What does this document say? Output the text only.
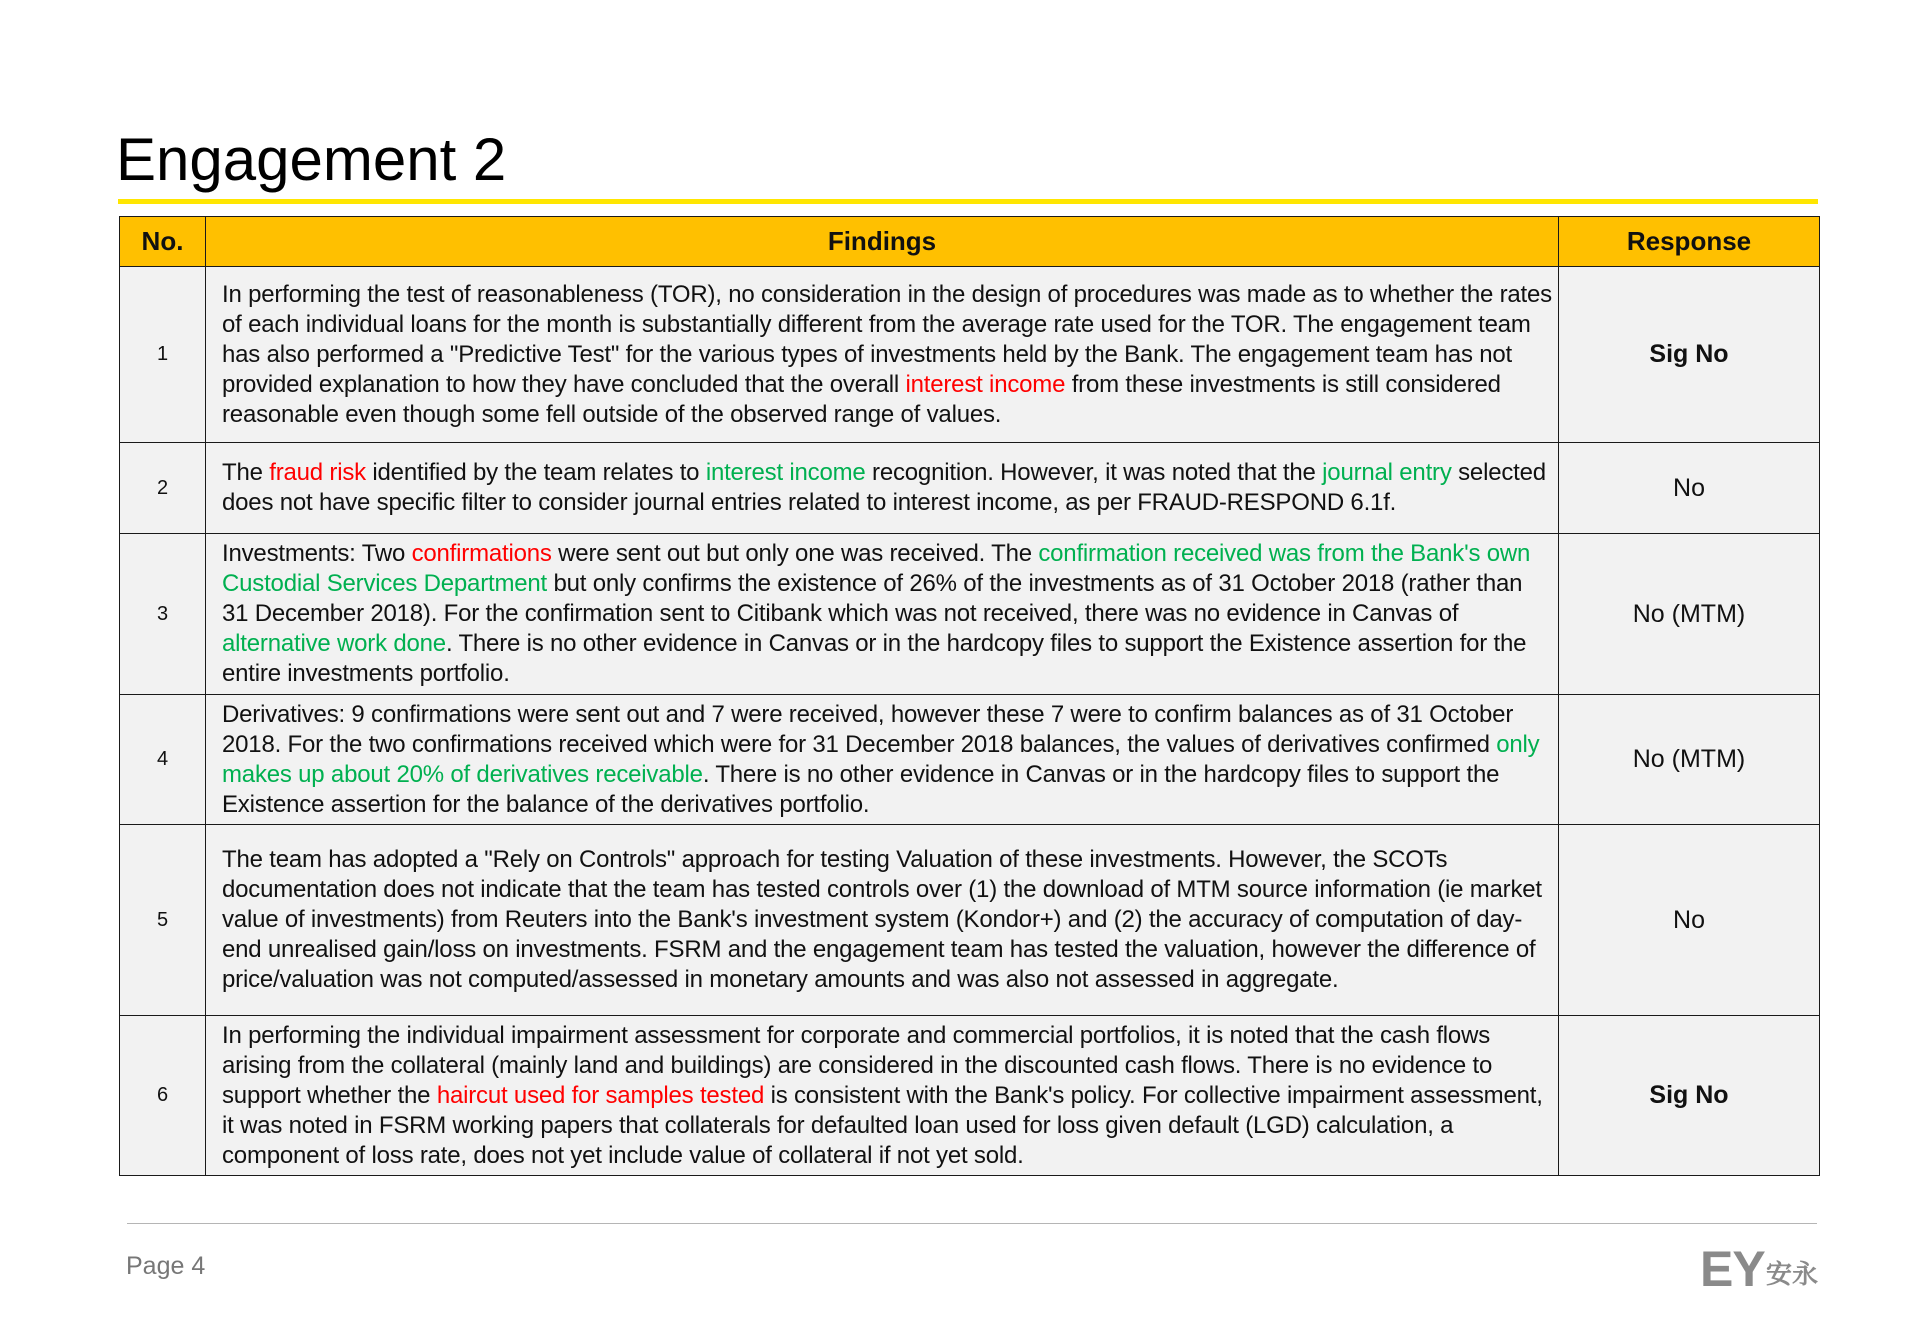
Engagement 2
No.	Findings	Response
1	In performing the test of reasonableness (TOR), no consideration in the design of procedures was made as to whether the rates of each individual loans for the month is substantially different from the average rate used for the TOR. The engagement team has also performed a "Predictive Test" for the various types of investments held by the Bank. The engagement team has not provided explanation to how they have concluded that the overall interest income from these investments is still considered reasonable even though some fell outside of the observed range of values.	Sig No
2	The fraud risk identified by the team relates to interest income recognition. However, it was noted that the journal entry selected does not have specific filter to consider journal entries related to interest income, as per FRAUD-RESPOND 6.1f.	No
3	Investments: Two confirmations were sent out but only one was received. The confirmation received was from the Bank's own Custodial Services Department but only confirms the existence of 26% of the investments as of 31 October 2018 (rather than 31 December 2018). For the confirmation sent to Citibank which was not received, there was no evidence in Canvas of alternative work done. There is no other evidence in Canvas or in the hardcopy files to support the Existence assertion for the entire investments portfolio.	No (MTM)
4	Derivatives: 9 confirmations were sent out and 7 were received, however these 7 were to confirm balances as of 31 October 2018. For the two confirmations received which were for 31 December 2018 balances, the values of derivatives confirmed only makes up about 20% of derivatives receivable. There is no other evidence in Canvas or in the hardcopy files to support the Existence assertion for the balance of the derivatives portfolio.	No (MTM)
5	The team has adopted a "Rely on Controls" approach for testing Valuation of these investments. However, the SCOTs documentation does not indicate that the team has tested controls over (1) the download of MTM source information (ie market value of investments) from Reuters into the Bank's investment system (Kondor+) and (2) the accuracy of computation of day-end unrealised gain/loss on investments. FSRM and the engagement team has tested the valuation, however the difference of price/valuation was not computed/assessed in monetary amounts and was also not assessed in aggregate.	No
6	In performing the individual impairment assessment for corporate and commercial portfolios, it is noted that the cash flows arising from the collateral (mainly land and buildings) are considered in the discounted cash flows. There is no evidence to support whether the haircut used for samples tested is consistent with the Bank's policy. For collective impairment assessment, it was noted in FSRM working papers that collaterals for defaulted loan used for loss given default (LGD) calculation, a component of loss rate, does not yet include value of collateral if not yet sold.	Sig No
Page 4	EY 安永
